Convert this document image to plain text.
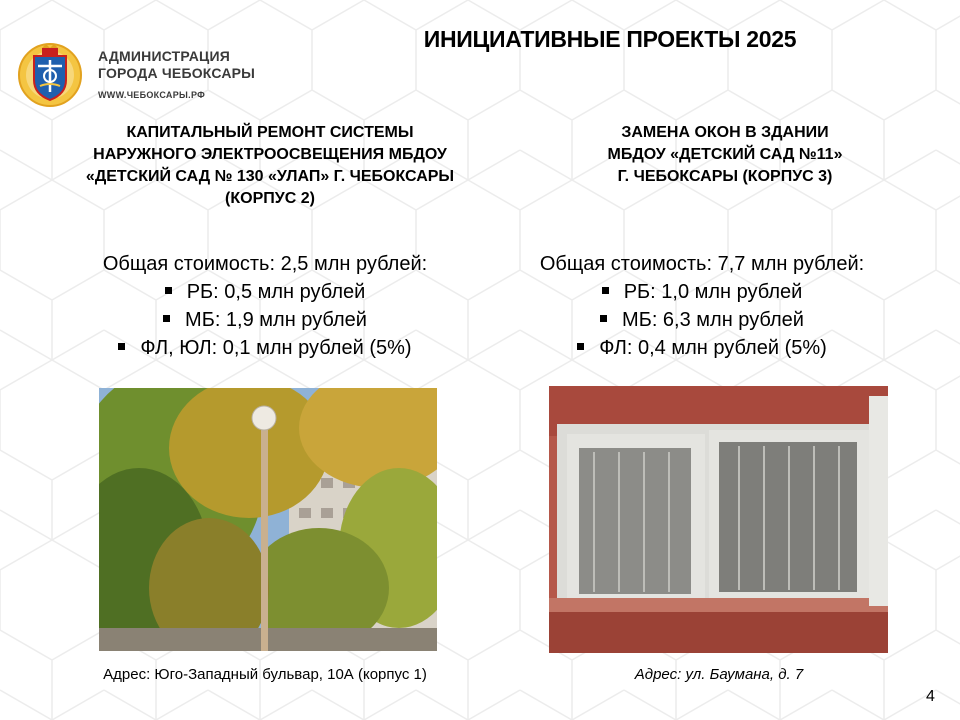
АДМИНИСТРАЦИЯ
ГОРОДА ЧЕБОКСАРЫ
WWW.ЧЕБОКСАРЫ.РФ
ИНИЦИАТИВНЫЕ ПРОЕКТЫ 2025
КАПИТАЛЬНЫЙ РЕМОНТ СИСТЕМЫ
НАРУЖНОГО ЭЛЕКТРООСВЕЩЕНИЯ МБДОУ
«ДЕТСКИЙ САД № 130 «УЛАП» Г. ЧЕБОКСАРЫ
(КОРПУС 2)
ЗАМЕНА ОКОН В ЗДАНИИ
МБДОУ «ДЕТСКИЙ САД №11»
Г. ЧЕБОКСАРЫ (КОРПУС 3)
Общая стоимость: 2,5 млн рублей:
РБ: 0,5 млн рублей
МБ: 1,9 млн рублей
ФЛ, ЮЛ: 0,1 млн рублей (5%)
Общая стоимость: 7,7 млн рублей:
РБ: 1,0 млн рублей
МБ: 6,3 млн рублей
ФЛ: 0,4 млн рублей (5%)
Адрес: Юго-Западный бульвар, 10А (корпус 1)	Адрес: ул. Баумана, д. 7
4
